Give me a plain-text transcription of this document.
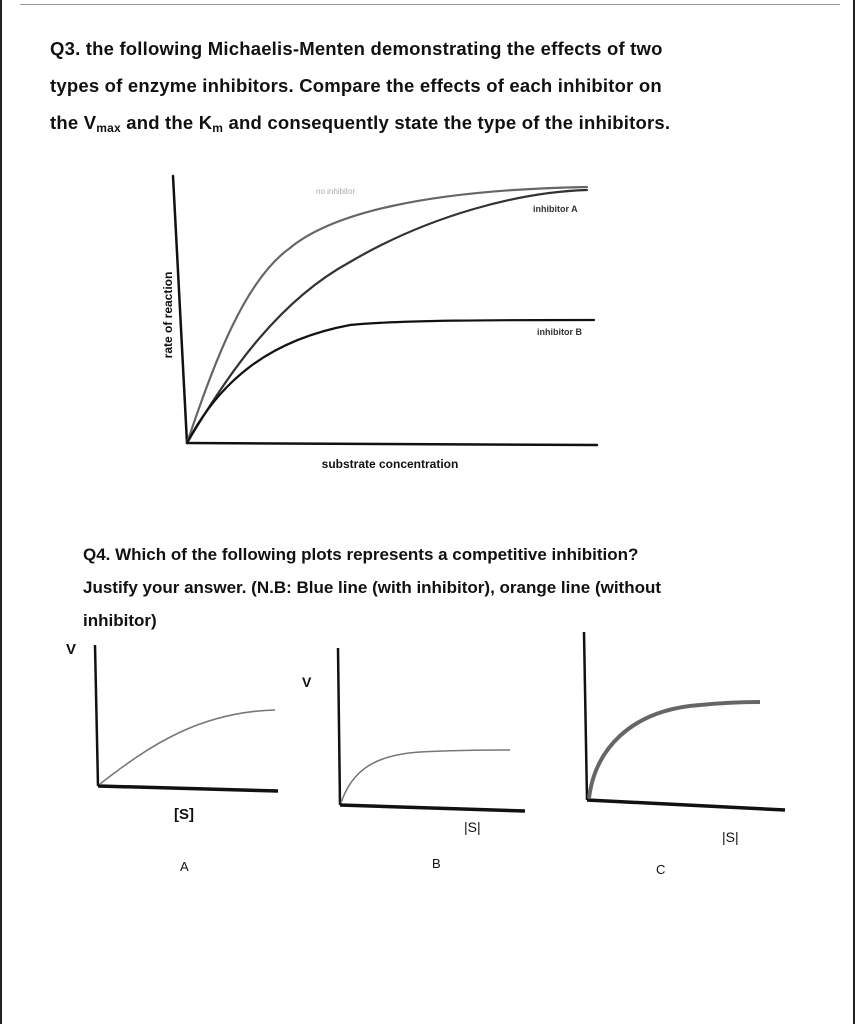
Q3. the following Michaelis-Menten demonstrating the effects of two
types of enzyme inhibitors. Compare the effects of each inhibitor on
the $V_{max}$ and the $K_m$ and consequently state the type of the inhibitors.
no inhibitor
inhibitor A
inhibitor B
rate of reaction
substrate concentration
V
[S]
A
V
|S|
B
|S|
C
Q4. Which of the following plots represents a competitive inhibition?
Justify your answer. (N.B: Blue line (with inhibitor), orange line (without
inhibitor)
